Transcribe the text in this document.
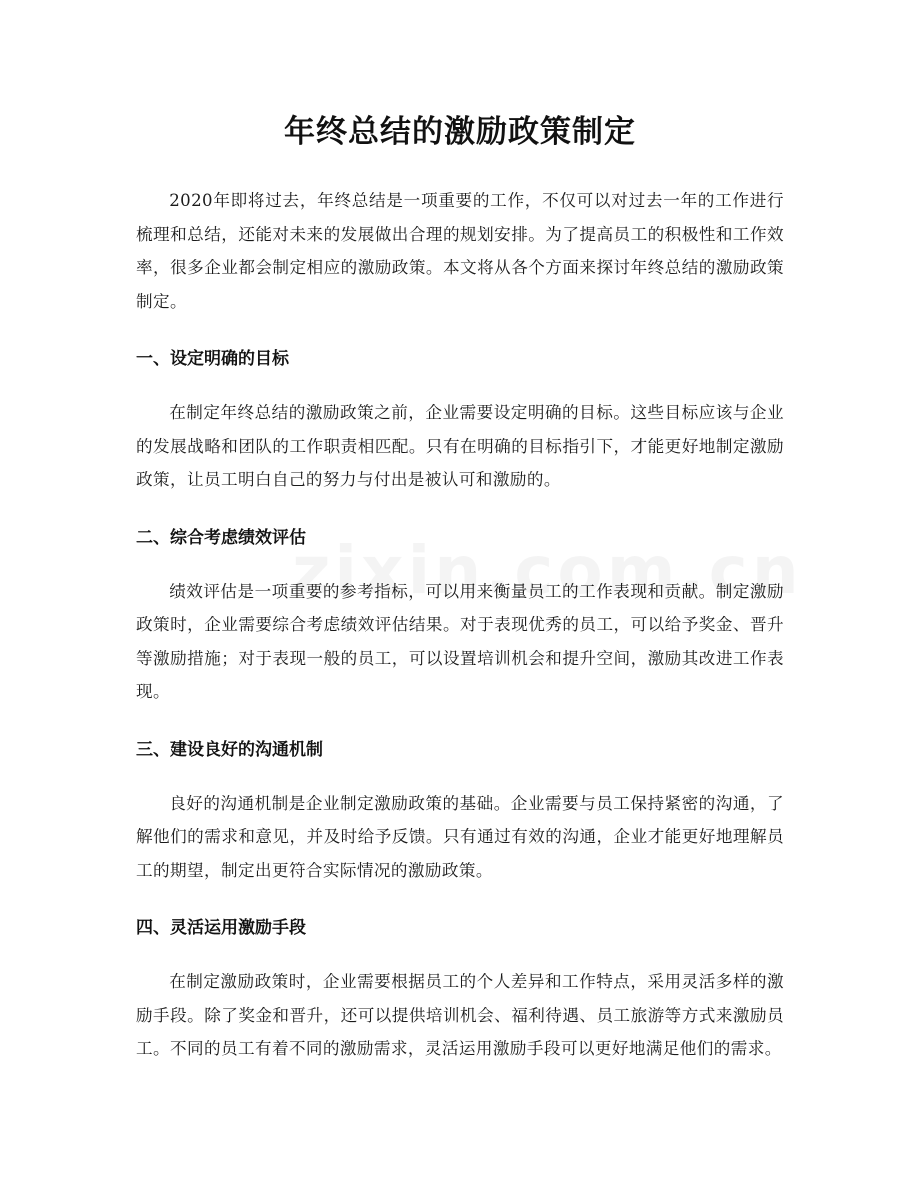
年终总结的激励政策制定

2020年即将过去，年终总结是一项重要的工作，不仅可以对过去一年的工作进行梳理和总结，还能对未来的发展做出合理的规划安排。为了提高员工的积极性和工作效率，很多企业都会制定相应的激励政策。本文将从各个方面来探讨年终总结的激励政策制定。

一、设定明确的目标

在制定年终总结的激励政策之前，企业需要设定明确的目标。这些目标应该与企业的发展战略和团队的工作职责相匹配。只有在明确的目标指引下，才能更好地制定激励政策，让员工明白自己的努力与付出是被认可和激励的。

二、综合考虑绩效评估

绩效评估是一项重要的参考指标，可以用来衡量员工的工作表现和贡献。制定激励政策时，企业需要综合考虑绩效评估结果。对于表现优秀的员工，可以给予奖金、晋升等激励措施；对于表现一般的员工，可以设置培训机会和提升空间，激励其改进工作表现。

三、建设良好的沟通机制

良好的沟通机制是企业制定激励政策的基础。企业需要与员工保持紧密的沟通，了解他们的需求和意见，并及时给予反馈。只有通过有效的沟通，企业才能更好地理解员工的期望，制定出更符合实际情况的激励政策。

四、灵活运用激励手段

在制定激励政策时，企业需要根据员工的个人差异和工作特点，采用灵活多样的激励手段。除了奖金和晋升，还可以提供培训机会、福利待遇、员工旅游等方式来激励员工。不同的员工有着不同的激励需求，灵活运用激励手段可以更好地满足他们的需求。
